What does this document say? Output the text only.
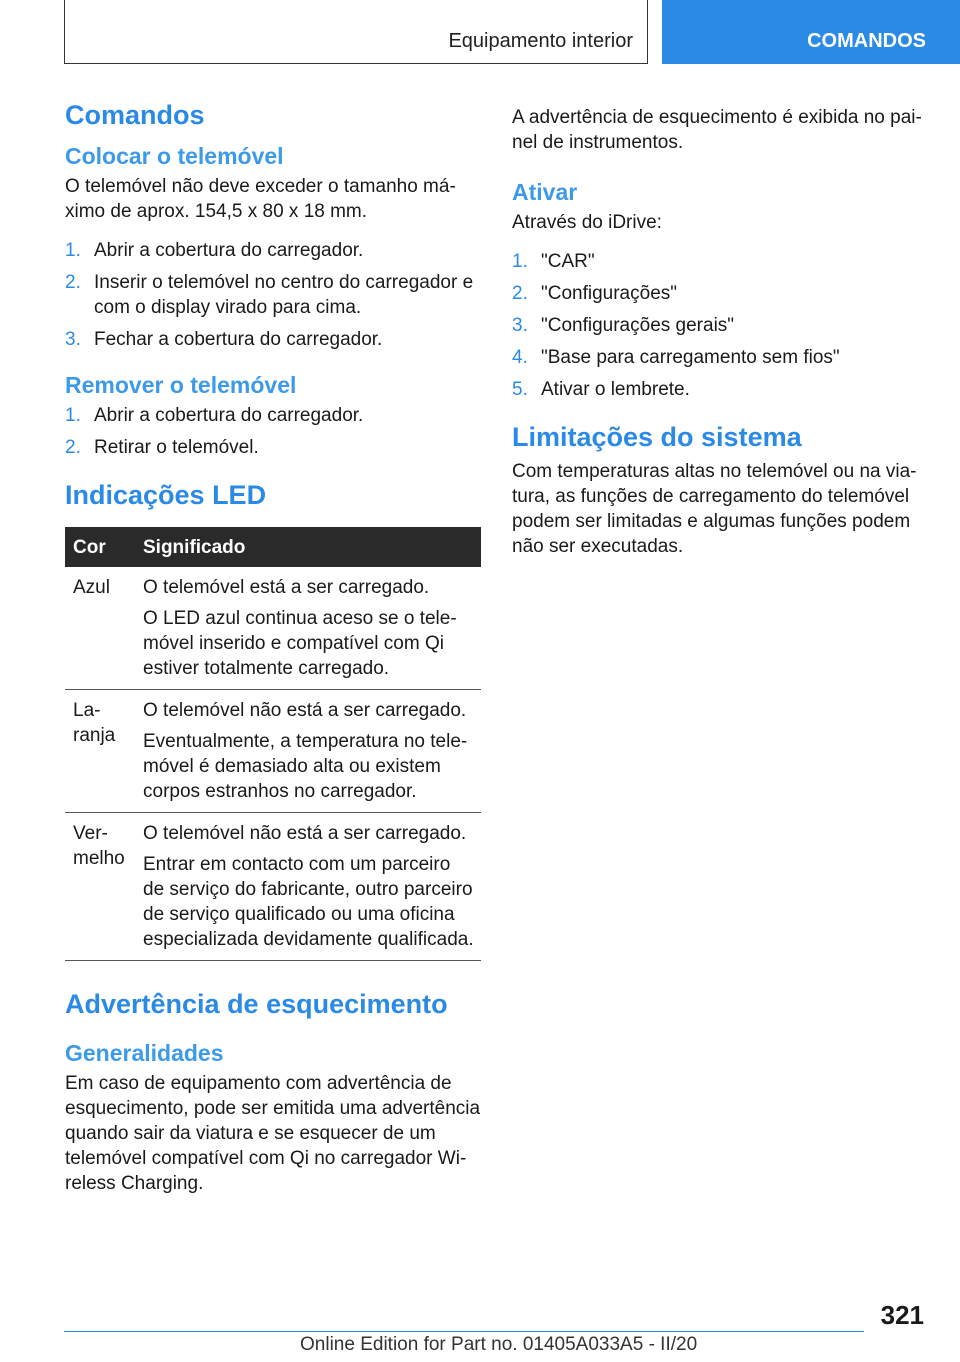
Equipamento interior	COMANDOS
Comandos
Colocar o telemóvel

O telemóvel não deve exceder o tamanho máximo de aprox. 154,5 x 80 x 18 mm.

1. Abrir a cobertura do carregador.
2. Inserir o telemóvel no centro do carregador e com o display virado para cima.
3. Fechar a cobertura do carregador.
Remover o telemóvel
1. Abrir a cobertura do carregador.
2. Retirar o telemóvel.
Indicações LED
Cor	Significado
Azul	O telemóvel está a ser carregado.

O LED azul continua aceso se o telemóvel inserido e compatível com Qi estiver totalmente carregado.

Laranja	O telemóvel não está a ser carregado.

Eventualmente, a temperatura no telemóvel é demasiado alta ou existem corpos estranhos no carregador.

Vermelho	O telemóvel não está a ser carregado.

Entrar em contacto com um parceiro de serviço do fabricante, outro parceiro de serviço qualificado ou uma oficina especializada devidamente qualificada.

Advertência de esquecimento
Generalidades

Em caso de equipamento com advertência de esquecimento, pode ser emitida uma advertência quando sair da viatura e se esquecer de um telemóvel compatível com Qi no carregador Wireless Charging.

A advertência de esquecimento é exibida no painel de instrumentos.

Ativar

Através do iDrive:

1. "CAR"
2. "Configurações"
3. "Configurações gerais"
4. "Base para carregamento sem fios"
5. Ativar o lembrete.
Limitações do sistema

Com temperaturas altas no telemóvel ou na viatura, as funções de carregamento do telemóvel podem ser limitadas e algumas funções podem não ser executadas.

321
Online Edition for Part no. 01405A033A5 - II/20
